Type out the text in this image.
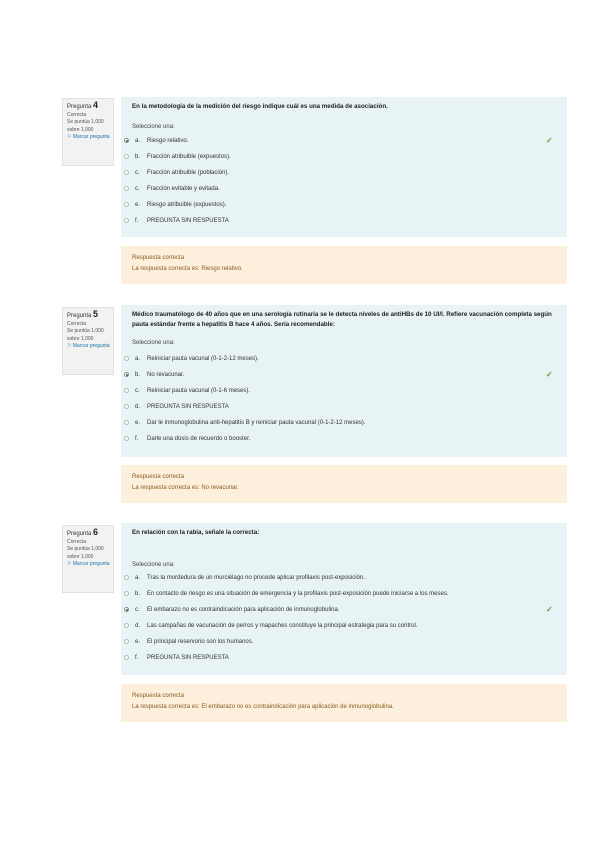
Pregunta 4
Correcta
Se puntúa 1,000
sobre 1,000
⚐ Marcar pregunta

En la metodología de la medición del riesgo indique cuál es una medida de asociación.

Seleccione una:

a. Riesgo relativo.
b. Fracción atribuible (expuestos).
c. Fracción atribuible (población).
c. Fracción evitable y evitada.
e. Riesgo atribuible (expuestos).
f. PREGUNTA SIN RESPUESTA
✓
Respuesta correcta
La respuesta correcta es: Riesgo relativo.
Pregunta 5
Correcta
Se puntúa 1,000
sobre 1,000
⚐ Marcar pregunta

Médico traumatólogo de 40 años que en una serología rutinaria se le detecta niveles de antiHBs de 10 UI/l. Refiere vacunación completa según pauta estándar frente a hepatitis B hace 4 años. Sería recomendable:

Seleccione una:

a. Reiniciar pauta vacunal (0-1-2-12 meses).
b. No revacunar.
c. Reiniciar pauta vacunal (0-1-6 meses).
d. PREGUNTA SIN RESPUESTA
e. Dar le inmunoglobulina anti-hepatitis B y reiniciar pauta vacunal (0-1-2-12 meses).
f. Darle una dosis de recuerdo o booster.
✓
Respuesta correcta
La respuesta correcta es: No revacunar.
Pregunta 6
Correcta
Se puntúa 1,000
sobre 1,000
⚐ Marcar pregunta

En relación con la rabia, señale la correcta:

Seleccione una:

a. Tras la mordedura de un murciélago no procede aplicar profilaxis post-exposición.
b. En contacto de riesgo es una situación de emergencia y la profilaxis post-exposición puede iniciarse a los meses.
c. El embarazo no es contraindicación para aplicación de inmunoglobulina.
d. Las campañas de vacunación de perros y mapaches constituye la principal estrategia para su control.
e. El principal reservorio son los humanos.
f. PREGUNTA SIN RESPUESTA
✓
Respuesta correcta
La respuesta correcta es: El embarazo no es contraindicación para aplicación de inmunoglobulina.
